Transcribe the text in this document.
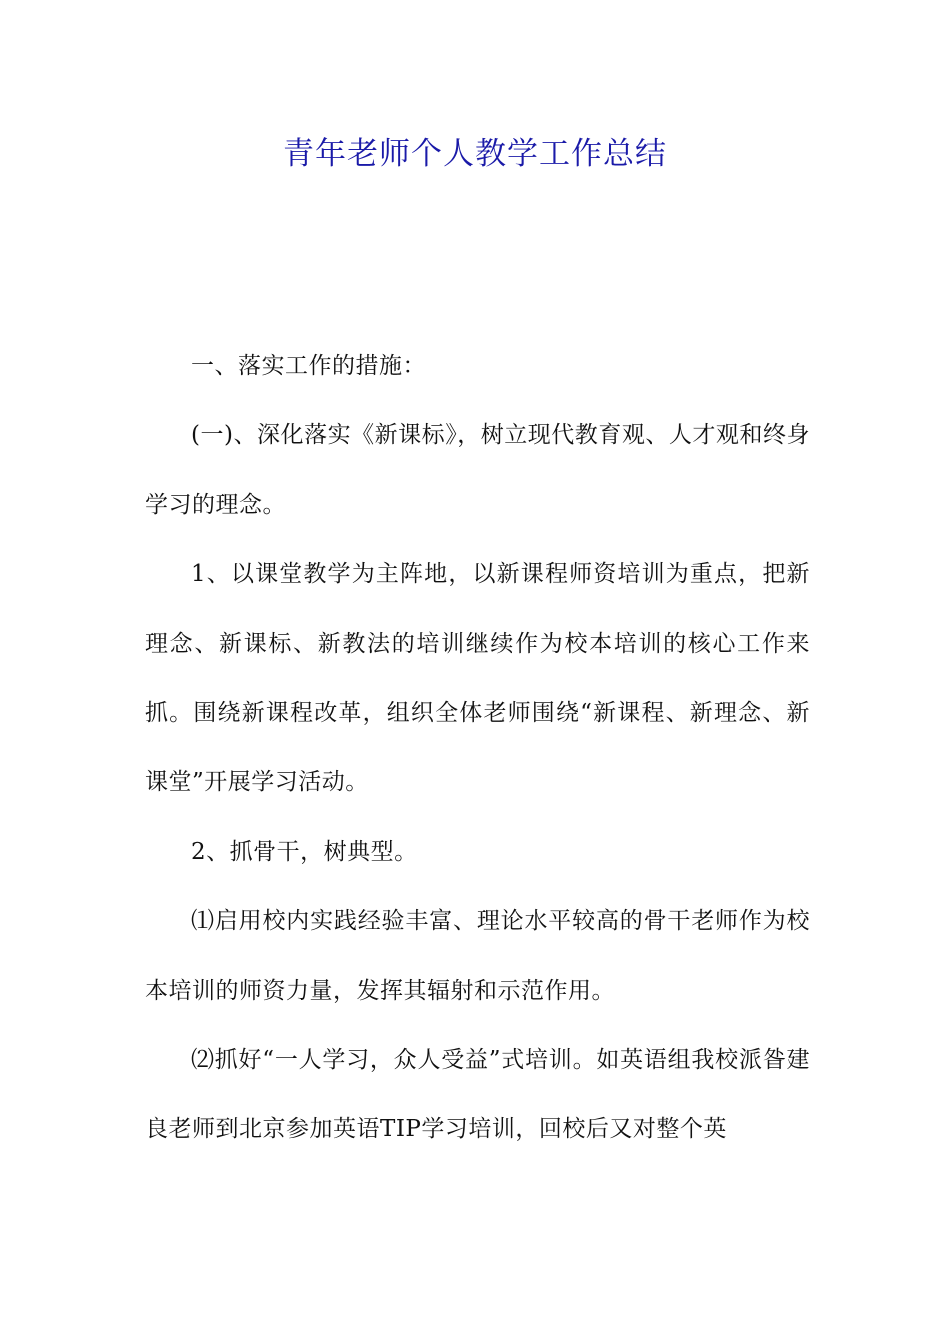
青年老师个人教学工作总结

一、落实工作的措施：

(一)、深化落实《新课标》，树立现代教育观、人才观和终身学习的理念。

1、以课堂教学为主阵地，以新课程师资培训为重点，把新理念、新课标、新教法的培训继续作为校本培训的核心工作来抓。围绕新课程改革，组织全体老师围绕“新课程、新理念、新课堂”开展学习活动。

2、抓骨干，树典型。

⑴启用校内实践经验丰富、理论水平较高的骨干老师作为校本培训的师资力量，发挥其辐射和示范作用。

⑵抓好“一人学习，众人受益”式培训。如英语组我校派昝建良老师到北京参加英语TIP学习培训，回校后又对整个英
